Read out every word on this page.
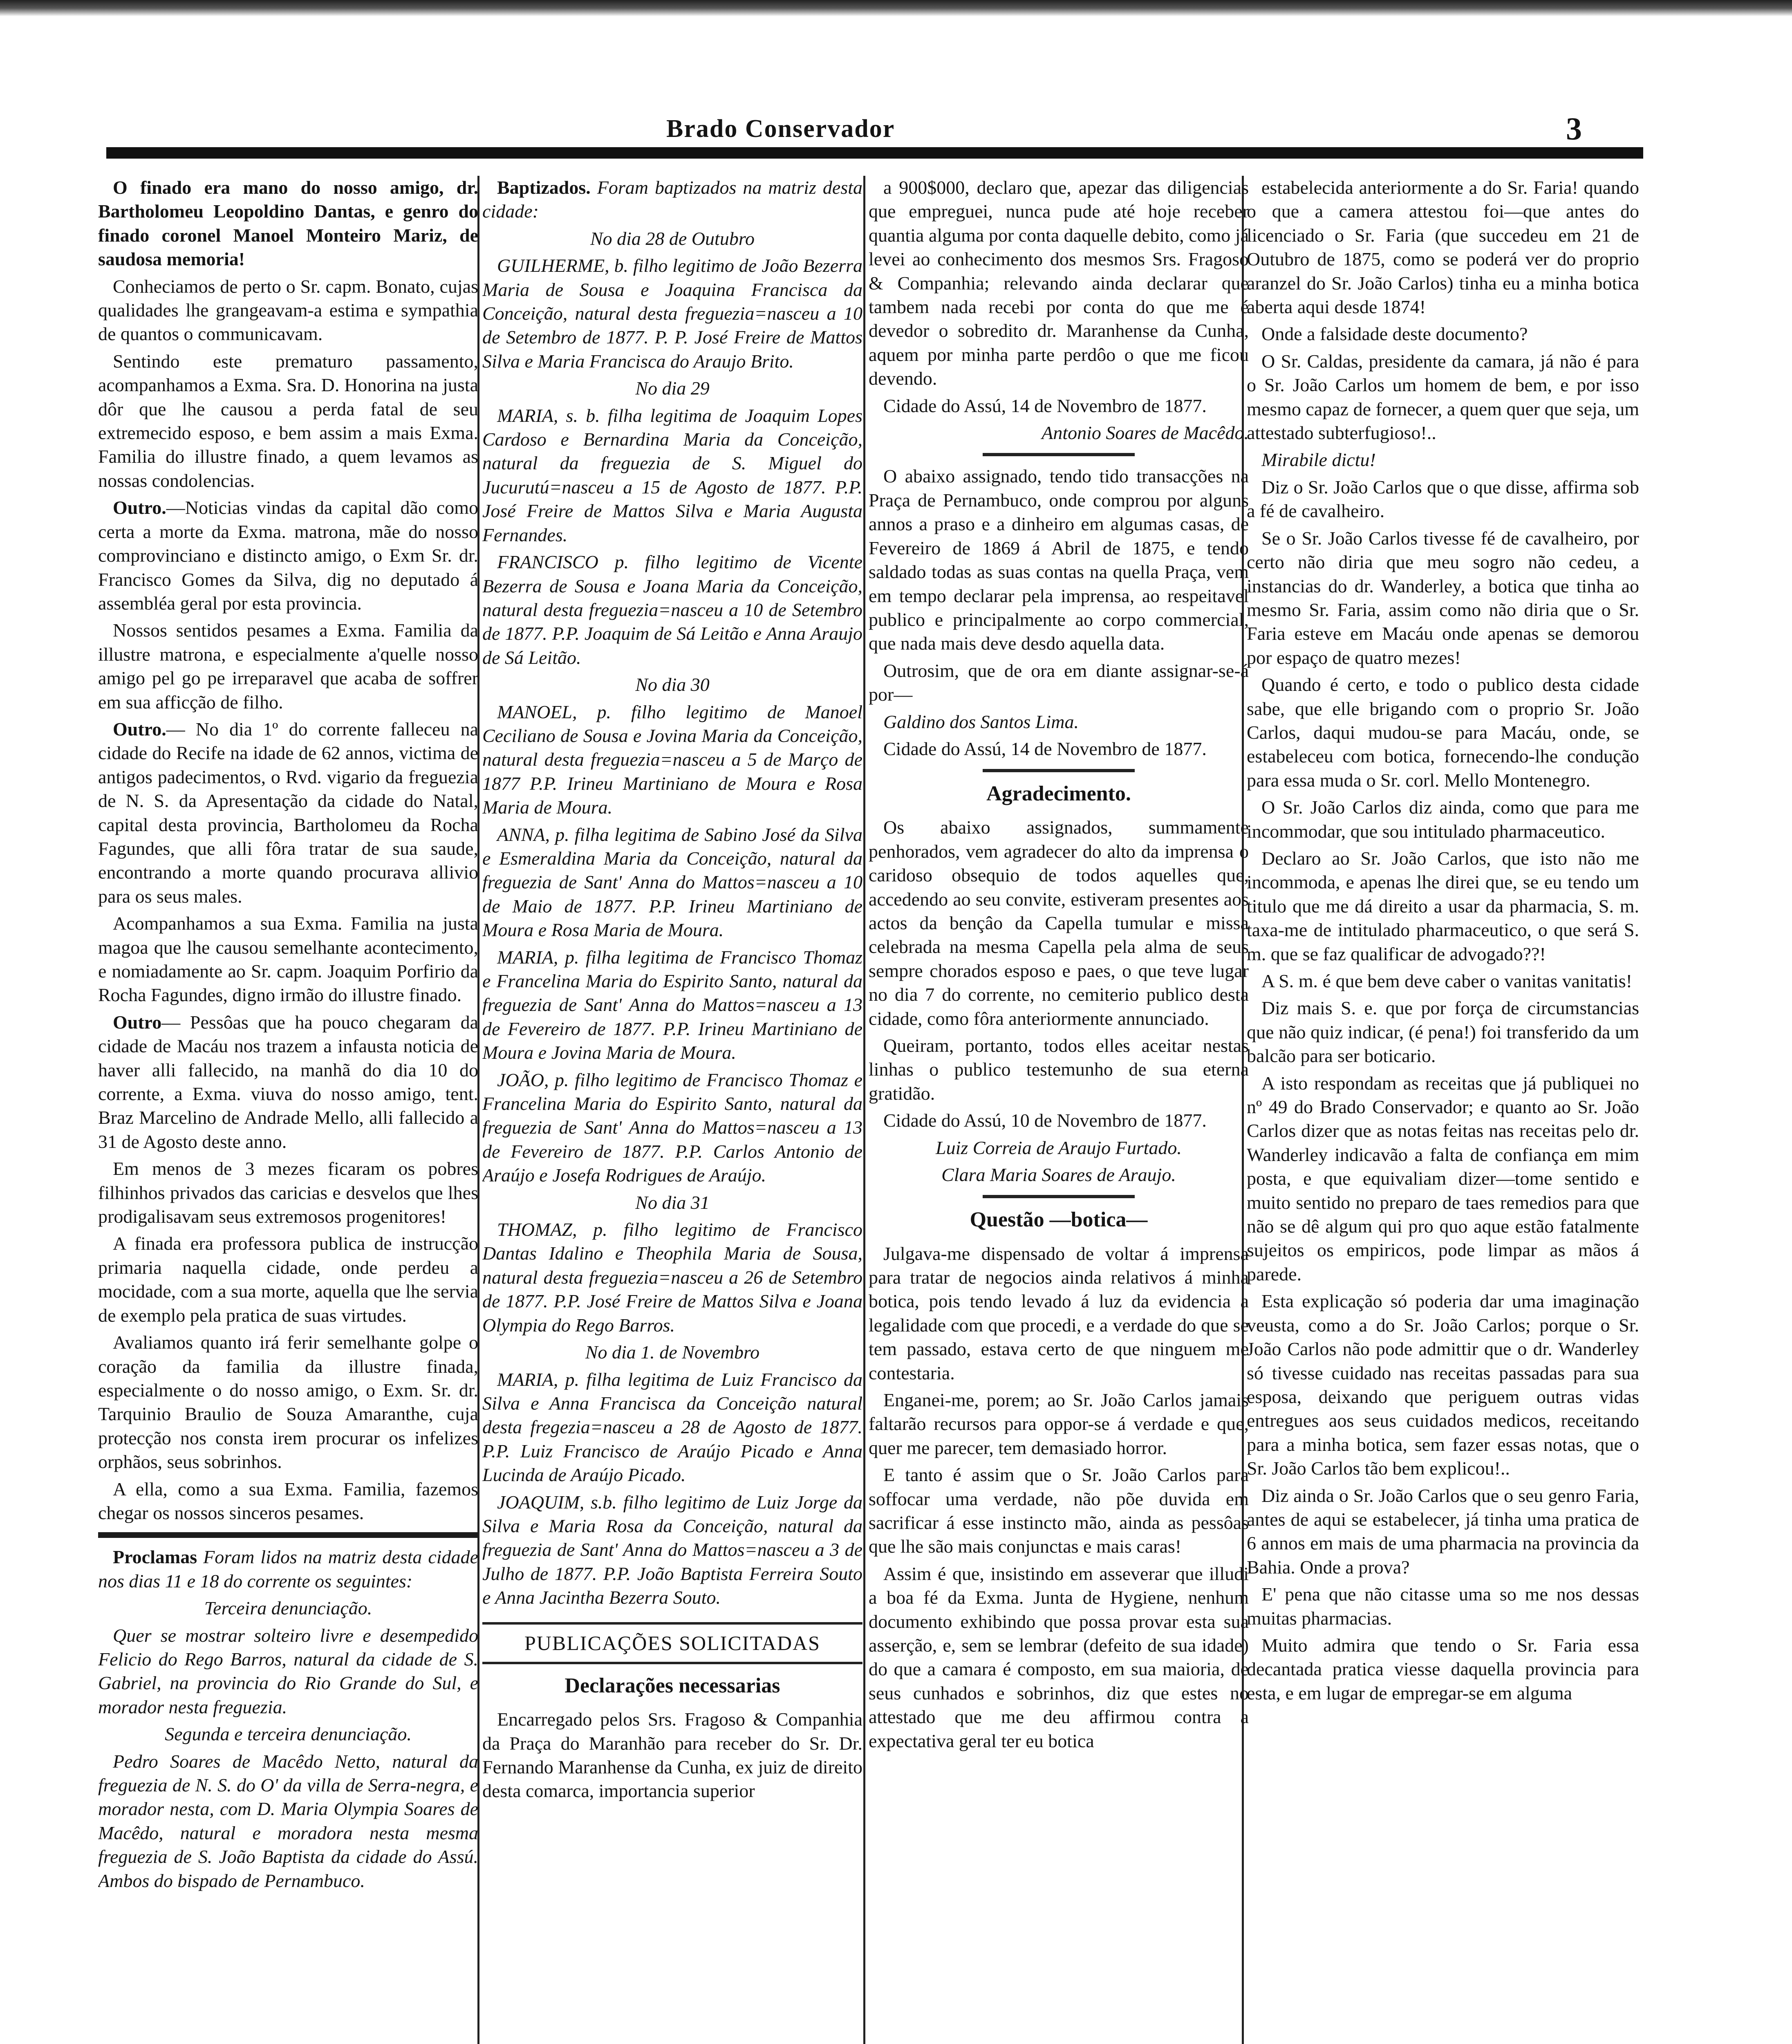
Brado Conservador	3

O finado era mano do nosso amigo, dr. Bartholomeu Leopoldino Dantas, e genro do finado coronel Manoel Monteiro Mariz, de saudosa memoria!

Conheciamos de perto o Sr. capm. Bonato, cujas qualidades lhe grangeavam-a estima e sympathia de quantos o communicavam.

Sentindo este prematuro passamento, acompanhamos a Exma. Sra. D. Honorina na justa dôr que lhe causou a perda fatal de seu extremecido esposo, e bem assim a mais Exma. Familia do illustre finado, a quem levamos as nossas condolencias.

Outro.—Noticias vindas da capital dão como certa a morte da Exma. matrona, mãe do nosso comprovinciano e distincto amigo, o Exm Sr. dr. Francisco Gomes da Silva, dig no deputado á assembléa geral por esta provincia.

Nossos sentidos pesames a Exma. Familia da illustre matrona, e especialmente a'quelle nosso amigo pel go pe irreparavel que acaba de soffrer em sua afficção de filho.

Outro.— No dia 1º do corrente falleceu na cidade do Recife na idade de 62 annos, victima de antigos padecimentos, o Rvd. vigario da freguezia de N. S. da Apresentação da cidade do Natal, capital desta provincia, Bartholomeu da Rocha Fagundes, que alli fôra tratar de sua saude, encontrando a morte quando procurava allivio para os seus males.

Acompanhamos a sua Exma. Familia na justa magoa que lhe causou semelhante acontecimento, e nomiadamente ao Sr. capm. Joaquim Porfirio da Rocha Fagundes, digno irmão do illustre finado.

Outro— Pessôas que ha pouco chegaram da cidade de Macáu nos trazem a infausta noticia de haver alli fallecido, na manhã do dia 10 do corrente, a Exma. viuva do nosso amigo, tent. Braz Marcelino de Andrade Mello, alli fallecido a 31 de Agosto deste anno.

Em menos de 3 mezes ficaram os pobres filhinhos privados das caricias e desvelos que lhes prodigalisavam seus extremosos progenitores!

A finada era professora publica de instrucção primaria naquella cidade, onde perdeu a mocidade, com a sua morte, aquella que lhe servia de exemplo pela pratica de suas virtudes.

Avaliamos quanto irá ferir semelhante golpe o coração da familia da illustre finada, especialmente o do nosso amigo, o Exm. Sr. dr. Tarquinio Braulio de Souza Amaranthe, cuja protecção nos consta irem procurar os infelizes orphãos, seus sobrinhos.

A ella, como a sua Exma. Familia, fazemos chegar os nossos sinceros pesames.

Proclamas Foram lidos na matriz desta cidade nos dias 11 e 18 do corrente os seguintes:

Terceira denunciação.

Quer se mostrar solteiro livre e desempedido Felicio do Rego Barros, natural da cidade de S. Gabriel, na provincia do Rio Grande do Sul, e morador nesta freguezia.

Segunda e terceira denunciação.

Pedro Soares de Macêdo Netto, natural da freguezia de N. S. do O' da villa de Serra-negra, e morador nesta, com D. Maria Olympia Soares de Macêdo, natural e moradora nesta mesma freguezia de S. João Baptista da cidade do Assú. Ambos do bispado de Pernambuco.

Baptizados. Foram baptizados na matriz desta cidade:

No dia 28 de Outubro

GUILHERME, b. filho legitimo de João Bezerra Maria de Sousa e Joaquina Francisca da Conceição, natural desta freguezia=nasceu a 10 de Setembro de 1877. P. P. José Freire de Mattos Silva e Maria Francisca do Araujo Brito.

No dia 29

MARIA, s. b. filha legitima de Joaquim Lopes Cardoso e Bernardina Maria da Conceição, natural da freguezia de S. Miguel do Jucurutú=nasceu a 15 de Agosto de 1877. P.P. José Freire de Mattos Silva e Maria Augusta Fernandes.

FRANCISCO p. filho legitimo de Vicente Bezerra de Sousa e Joana Maria da Conceição, natural desta freguezia=nasceu a 10 de Setembro de 1877. P.P. Joaquim de Sá Leitão e Anna Araujo de Sá Leitão.

No dia 30

MANOEL, p. filho legitimo de Manoel Ceciliano de Sousa e Jovina Maria da Conceição, natural desta freguezia=nasceu a 5 de Março de 1877 P.P. Irineu Martiniano de Moura e Rosa Maria de Moura.

ANNA, p. filha legitima de Sabino José da Silva e Esmeraldina Maria da Conceição, natural da freguezia de Sant' Anna do Mattos=nasceu a 10 de Maio de 1877. P.P. Irineu Martiniano de Moura e Rosa Maria de Moura.

MARIA, p. filha legitima de Francisco Thomaz e Francelina Maria do Espirito Santo, natural da freguezia de Sant' Anna do Mattos=nasceu a 13 de Fevereiro de 1877. P.P. Irineu Martiniano de Moura e Jovina Maria de Moura.

JOÃO, p. filho legitimo de Francisco Thomaz e Francelina Maria do Espirito Santo, natural da freguezia de Sant' Anna do Mattos=nasceu a 13 de Fevereiro de 1877. P.P. Carlos Antonio de Araújo e Josefa Rodrigues de Araújo.

No dia 31

THOMAZ, p. filho legitimo de Francisco Dantas Idalino e Theophila Maria de Sousa, natural desta freguezia=nasceu a 26 de Setembro de 1877. P.P. José Freire de Mattos Silva e Joana Olympia do Rego Barros.

No dia 1. de Novembro

MARIA, p. filha legitima de Luiz Francisco da Silva e Anna Francisca da Conceição natural desta fregezia=nasceu a 28 de Agosto de 1877. P.P. Luiz Francisco de Araújo Picado e Anna Lucinda de Araújo Picado.

JOAQUIM, s.b. filho legitimo de Luiz Jorge da Silva e Maria Rosa da Conceição, natural da freguezia de Sant' Anna do Mattos=nasceu a 3 de Julho de 1877. P.P. João Baptista Ferreira Souto e Anna Jacintha Bezerra Souto.

PUBLICAÇÕES SOLICITADAS
Declarações necessarias

Encarregado pelos Srs. Fragoso & Companhia da Praça do Maranhão para receber do Sr. Dr. Fernando Maranhense da Cunha, ex juiz de direito desta comarca, importancia superior

a 900$000, declaro que, apezar das diligencias que empreguei, nunca pude até hoje receber quantia alguma por conta daquelle debito, como já levei ao conhecimento dos mesmos Srs. Fragoso & Companhia; relevando ainda declarar que tambem nada recebi por conta do que me é devedor o sobredito dr. Maranhense da Cunha, aquem por minha parte perdôo o que me ficou devendo.

Cidade do Assú, 14 de Novembro de 1877.

Antonio Soares de Macêdo.

O abaixo assignado, tendo tido transacções na Praça de Pernambuco, onde comprou por alguns annos a praso e a dinheiro em algumas casas, de Fevereiro de 1869 á Abril de 1875, e tendo saldado todas as suas contas na quella Praça, vem em tempo declarar pela imprensa, ao respeitavel publico e principalmente ao corpo commercial, que nada mais deve desdo aquella data.

Outrosim, que de ora em diante assignar-se-á por—

Galdino dos Santos Lima.

Cidade do Assú, 14 de Novembro de 1877.

Agradecimento.

Os abaixo assignados, summamente penhorados, vem agradecer do alto da imprensa o caridoso obsequio de todos aquelles que, accedendo ao seu convite, estiveram presentes aos actos da bençâo da Capella tumular e missa celebrada na mesma Capella pela alma de seus sempre chorados esposo e paes, o que teve lugar no dia 7 do corrente, no cemiterio publico desta cidade, como fôra anteriormente annunciado.

Queiram, portanto, todos elles aceitar nestas linhas o publico testemunho de sua eterna gratidão.

Cidade do Assú, 10 de Novembro de 1877.

Luiz Correia de Araujo Furtado.

Clara Maria Soares de Araujo.

Questão —botica—

Julgava-me dispensado de voltar á imprensa para tratar de negocios ainda relativos á minha botica, pois tendo levado á luz da evidencia a legalidade com que procedi, e a verdade do que se tem passado, estava certo de que ninguem me contestaria.

Enganei-me, porem; ao Sr. João Carlos jamais faltarão recursos para oppor-se á verdade e que, quer me parecer, tem demasiado horror.

E tanto é assim que o Sr. João Carlos para soffocar uma verdade, não põe duvida em sacrificar á esse instincto mão, ainda as pessôas que lhe são mais conjunctas e mais caras!

Assim é que, insistindo em asseverar que illudi a boa fé da Exma. Junta de Hygiene, nenhum documento exhibindo que possa provar esta sua asserção, e, sem se lembrar (defeito de sua idade) do que a camara é composto, em sua maioria, de seus cunhados e sobrinhos, diz que estes no attestado que me deu affirmou contra a expectativa geral ter eu botica

estabelecida anteriormente a do Sr. Faria! quando o que a camera attestou foi—que antes do licenciado o Sr. Faria (que succedeu em 21 de Outubro de 1875, como se poderá ver do proprio aranzel do Sr. João Carlos) tinha eu a minha botica aberta aqui desde 1874!

Onde a falsidade deste documento?

O Sr. Caldas, presidente da camara, já não é para o Sr. João Carlos um homem de bem, e por isso mesmo capaz de fornecer, a quem quer que seja, um attestado subterfugioso!..

Mirabile dictu!

Diz o Sr. João Carlos que o que disse, affirma sob a fé de cavalheiro.

Se o Sr. João Carlos tivesse fé de cavalheiro, por certo não diria que meu sogro não cedeu, a instancias do dr. Wanderley, a botica que tinha ao mesmo Sr. Faria, assim como não diria que o Sr. Faria esteve em Macáu onde apenas se demorou por espaço de quatro mezes!

Quando é certo, e todo o publico desta cidade sabe, que elle brigando com o proprio Sr. João Carlos, daqui mudou-se para Macáu, onde, se estabeleceu com botica, fornecendo-lhe condução para essa muda o Sr. corl. Mello Montenegro.

O Sr. João Carlos diz ainda, como que para me incommodar, que sou intitulado pharmaceutico.

Declaro ao Sr. João Carlos, que isto não me incommoda, e apenas lhe direi que, se eu tendo um titulo que me dá direito a usar da pharmacia, S. m. taxa-me de intitulado pharmaceutico, o que será S. m. que se faz qualificar de advogado??!

A S. m. é que bem deve caber o vanitas vanitatis!

Diz mais S. e. que por força de circumstancias que não quiz indicar, (é pena!) foi transferido da um balcão para ser boticario.

A isto respondam as receitas que já publiquei no nº 49 do Brado Conservador; e quanto ao Sr. João Carlos dizer que as notas feitas nas receitas pelo dr. Wanderley indicavão a falta de confiança em mim posta, e que equivaliam dizer—tome sentido e muito sentido no preparo de taes remedios para que não se dê algum qui pro quo aque estão fatalmente sujeitos os empiricos, pode limpar as mãos á parede.

Esta explicação só poderia dar uma imaginação veusta, como a do Sr. João Carlos; porque o Sr. João Carlos não pode admittir que o dr. Wanderley só tivesse cuidado nas receitas passadas para sua esposa, deixando que periguem outras vidas entregues aos seus cuidados medicos, receitando para a minha botica, sem fazer essas notas, que o Sr. João Carlos tão bem explicou!..

Diz ainda o Sr. João Carlos que o seu genro Faria, antes de aqui se estabelecer, já tinha uma pratica de 6 annos em mais de uma pharmacia na provincia da Bahia. Onde a prova?

E' pena que não citasse uma so me nos dessas muitas pharmacias.

Muito admira que tendo o Sr. Faria essa decantada pratica viesse daquella provincia para esta, e em lugar de empregar-se em alguma
